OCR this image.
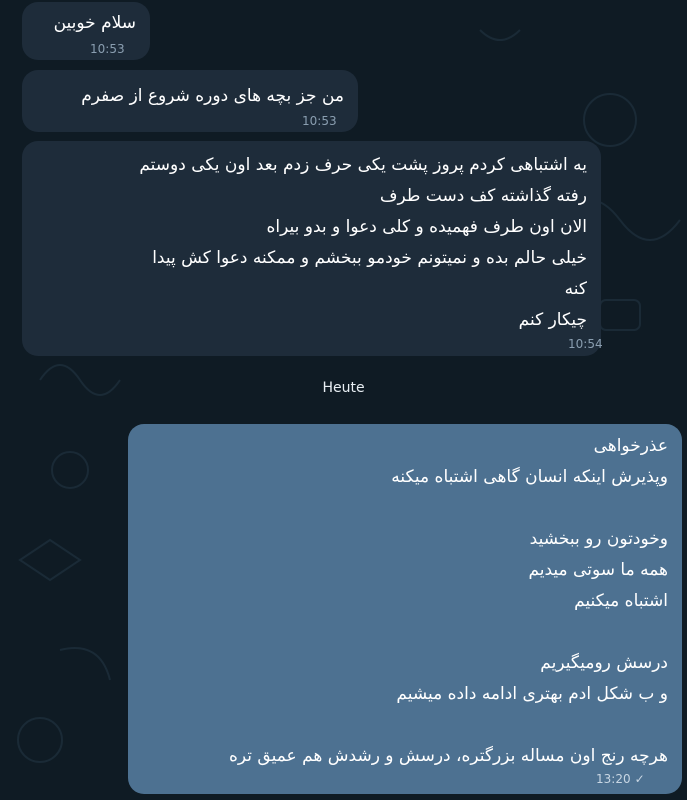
سلام خوبین
10:53
من جز بچه های دوره شروع از صفرم
10:53
یه اشتباهی کردم پروز پشت یکی حرف زدم بعد اون یکی دوستم
رفته گذاشته کف دست طرف
الان اون طرف فهمیده و کلی دعوا و بدو بیراه
خیلی حالم بده و نمیتونم خودمو ببخشم و ممکنه دعوا کش پیدا
کنه
چیکار کنم
10:54
Heute
عذرخواهی
وپذیرش اینکه انسان گاهی اشتباه میکنه
وخودتون رو ببخشید
همه ما سوتی میدیم
اشتباه میکنیم
درسش رومیگیریم
و ب شکل ادم بهتری ادامه داده میشیم
هرچه رنج اون مساله بزرگتره، درسش و رشدش هم عمیق تره
13:20 ✓
